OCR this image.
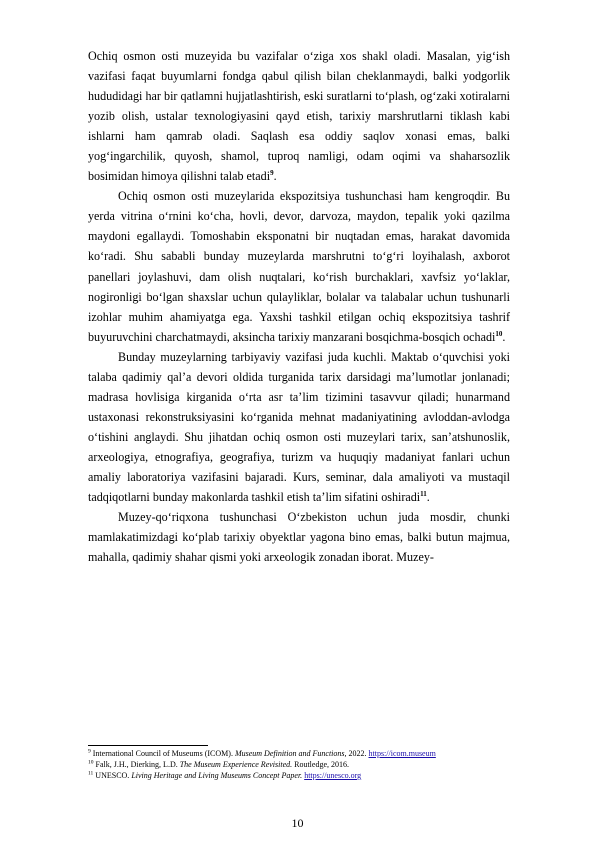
Ochiq osmon osti muzeyida bu vazifalar o‘ziga xos shakl oladi. Masalan, yig‘ish vazifasi faqat buyumlarni fondga qabul qilish bilan cheklanmaydi, balki yodgorlik hududidagi har bir qatlamni hujjatlashtirish, eski suratlarni to‘plash, og‘zaki xotiralarni yozib olish, ustalar texnologiyasini qayd etish, tarixiy marshrutlarni tiklash kabi ishlarni ham qamrab oladi. Saqlash esa oddiy saqlov xonasi emas, balki yog‘ingarchilik, quyosh, shamol, tuproq namligi, odam oqimi va shaharsozlik bosimidan himoya qilishni talab etadi$^9$.

Ochiq osmon osti muzeylarida ekspozitsiya tushunchasi ham kengroqdir. Bu yerda vitrina o‘rnini ko‘cha, hovli, devor, darvoza, maydon, tepalik yoki qazilma maydoni egallaydi. Tomoshabin eksponatni bir nuqtadan emas, harakat davomida ko‘radi. Shu sababli bunday muzeylarda marshrutni to‘g‘ri loyihalash, axborot panellari joylashuvi, dam olish nuqtalari, ko‘rish burchaklari, xavfsiz yo‘laklar, nogironligi bo‘lgan shaxslar uchun qulayliklar, bolalar va talabalar uchun tushunarli izohlar muhim ahamiyatga ega. Yaxshi tashkil etilgan ochiq ekspozitsiya tashrif buyuruvchini charchatmaydi, aksincha tarixiy manzarani bosqichma-bosqich ochadi$^{10}$.

Bunday muzeylarning tarbiyaviy vazifasi juda kuchli. Maktab o‘quvchisi yoki talaba qadimiy qal’a devori oldida turganida tarix darsidagi ma’lumotlar jonlanadi; madrasa hovlisiga kirganida o‘rta asr ta’lim tizimini tasavvur qiladi; hunarmand ustaxonasi rekonstruksiyasini ko‘rganida mehnat madaniyatining avloddan-avlodga o‘tishini anglaydi. Shu jihatdan ochiq osmon osti muzeylari tarix, san’atshunoslik, arxeologiya, etnografiya, geografiya, turizm va huquqiy madaniyat fanlari uchun amaliy laboratoriya vazifasini bajaradi. Kurs, seminar, dala amaliyoti va mustaqil tadqiqotlarni bunday makonlarda tashkil etish ta’lim sifatini oshiradi$^{11}$.

Muzey-qo‘riqxona tushunchasi O‘zbekiston uchun juda mosdir, chunki mamlakatimizdagi ko‘plab tarixiy obyektlar yagona bino emas, balki butun majmua, mahalla, qadimiy shahar qismi yoki arxeologik zonadan iborat. Muzey-

$^9$ International Council of Museums (ICOM). Museum Definition and Functions, 2022. https://icom.museum

$^{10}$ Falk, J.H., Dierking, L.D. The Museum Experience Revisited. Routledge, 2016.

$^{11}$ UNESCO. Living Heritage and Living Museums Concept Paper. https://unesco.org

10
